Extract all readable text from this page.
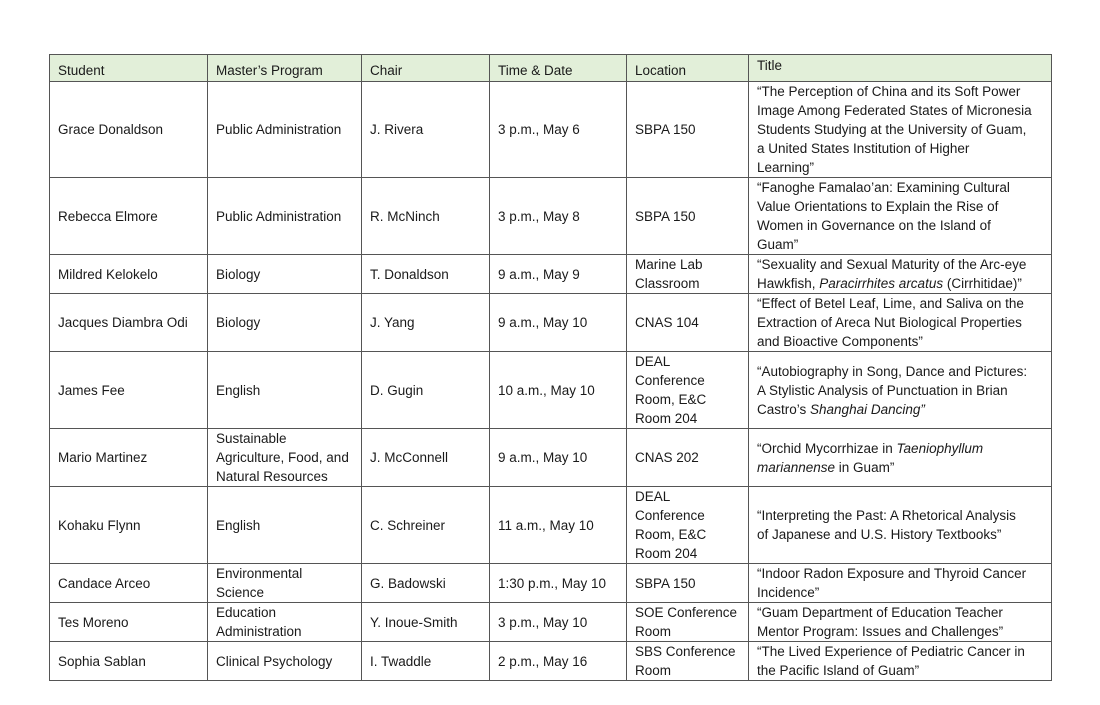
Student	Master’s Program	Chair	Time & Date	Location	Title
Grace Donaldson	Public Administration	J. Rivera	3 p.m., May 6	SBPA 150	“The Perception of China and its Soft Power
Image Among Federated States of Micronesia
Students Studying at the University of Guam,
a United States Institution of Higher
Learning”

Rebecca Elmore	Public Administration	R. McNinch	3 p.m., May 8	SBPA 150	“Fanoghe Famalao’an: Examining Cultural
Value Orientations to Explain the Rise of
Women in Governance on the Island of
Guam”

Mildred Kelokelo	Biology	T. Donaldson	9 a.m., May 9	Marine Lab
Classroom	“Sexuality and Sexual Maturity of the Arc-eye
Hawkfish, Paracirrhites arcatus (Cirrhitidae)”

Jacques Diambra Odi	Biology	J. Yang	9 a.m., May 10	CNAS 104	“Effect of Betel Leaf, Lime, and Saliva on the
Extraction of Areca Nut Biological Properties
and Bioactive Components”

James Fee	English	D. Gugin	10 a.m., May 10	DEAL Conference
Room, E&C
Room 204	“Autobiography in Song, Dance and Pictures:
A Stylistic Analysis of Punctuation in Brian
Castro’s Shanghai Dancing”

Mario Martinez	Sustainable
Agriculture, Food, and
Natural Resources	J. McConnell	9 a.m., May 10	CNAS 202	“Orchid Mycorrhizae in Taeniophyllum
mariannense in Guam”

Kohaku Flynn	English	C. Schreiner	11 a.m., May 10	DEAL Conference
Room, E&C
Room 204	“Interpreting the Past: A Rhetorical Analysis
of Japanese and U.S. History Textbooks”

Candace Arceo	Environmental
Science	G. Badowski	1:30 p.m., May 10	SBPA 150	“Indoor Radon Exposure and Thyroid Cancer
Incidence”

Tes Moreno	Education
Administration	Y. Inoue-Smith	3 p.m., May 10	SOE Conference
Room	“Guam Department of Education Teacher
Mentor Program: Issues and Challenges”

Sophia Sablan	Clinical Psychology	I. Twaddle	2 p.m., May 16	SBS Conference
Room	“The Lived Experience of Pediatric Cancer in
the Pacific Island of Guam”
